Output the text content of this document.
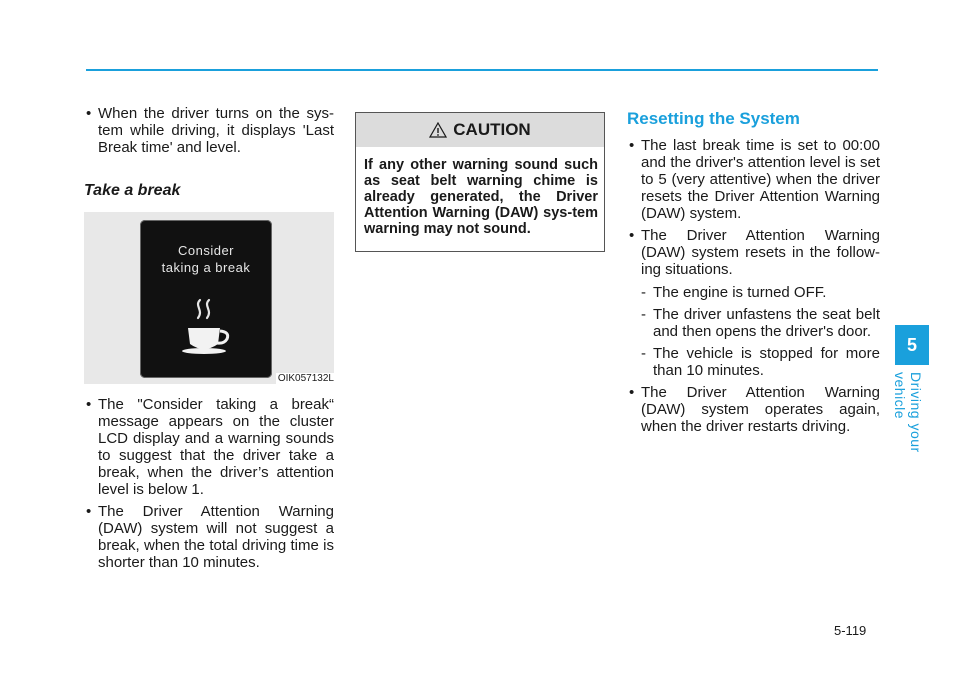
• When the driver turns on the sys-tem while driving, it displays 'Last Break time' and level.
Take a break
Consider
taking a break
OIK057132L
• The "Consider taking a break“ message appears on the cluster LCD display and a warning sounds to suggest that the driver take a break, when the driver’s attention level is below 1.
• The Driver Attention Warning (DAW) system will not suggest a break, when the total driving time is shorter than 10 minutes.
CAUTION
If any other warning sound such as seat belt warning chime is already generated, the Driver Attention Warning (DAW) sys-tem warning may not sound.
Resetting the System
• The last break time is set to 00:00 and the driver's attention level is set to 5 (very attentive) when the driver resets the Driver Attention Warning (DAW) system.
• The Driver Attention Warning (DAW) system resets in the follow-ing situations.
- The engine is turned OFF.
- The driver unfastens the seat belt and then opens the driver's door.
- The vehicle is stopped for more than 10 minutes.
• The Driver Attention Warning (DAW) system operates again, when the driver restarts driving.
5
Driving your vehicle
5-119
